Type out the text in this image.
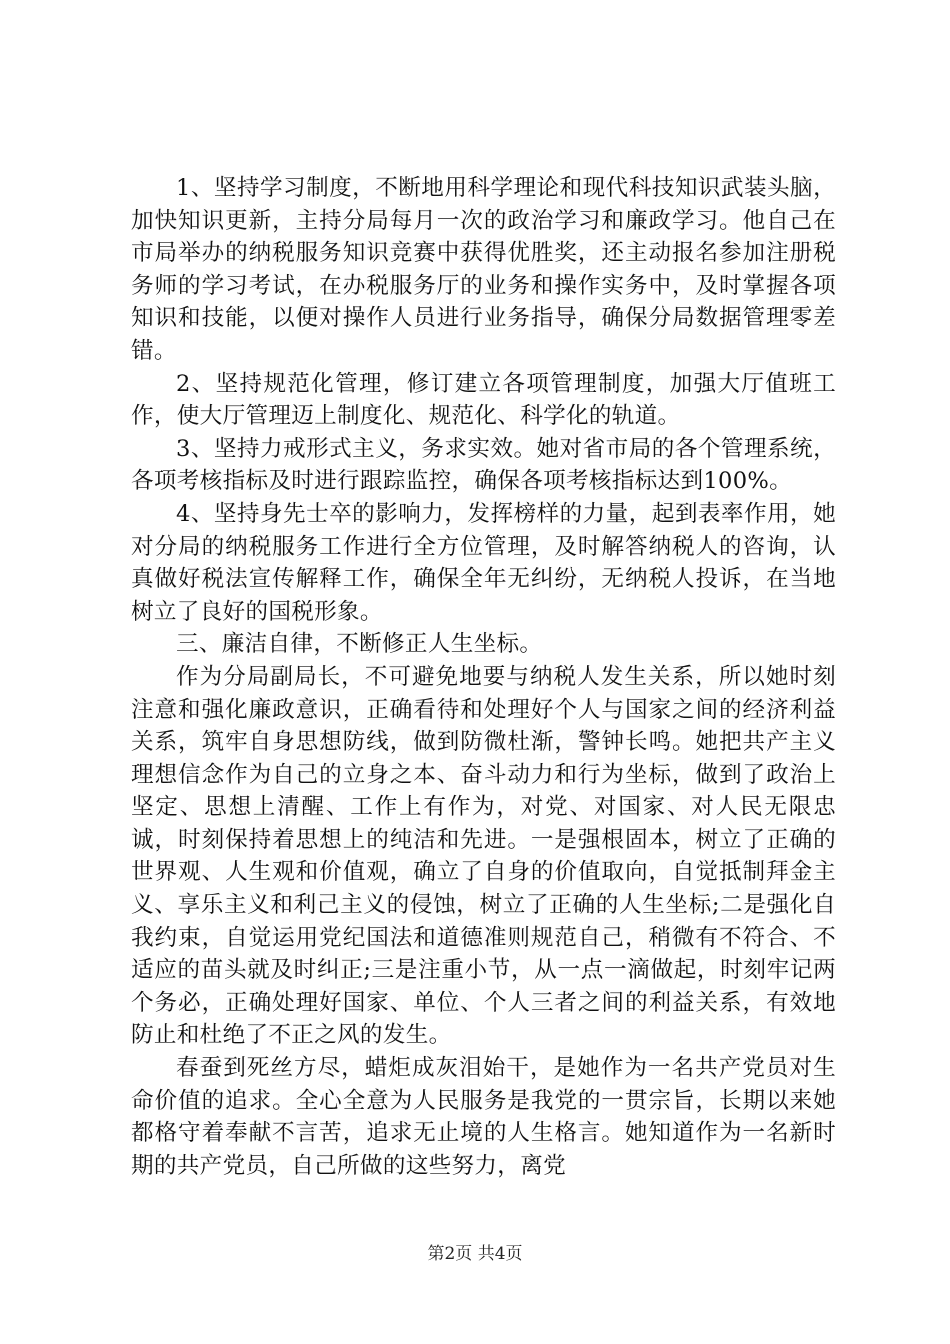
1、坚持学习制度，不断地用科学理论和现代科技知识武装头脑，加快知识更新，主持分局每月一次的政治学习和廉政学习。他自己在市局举办的纳税服务知识竞赛中获得优胜奖，还主动报名参加注册税务师的学习考试，在办税服务厅的业务和操作实务中，及时掌握各项知识和技能，以便对操作人员进行业务指导，确保分局数据管理零差错。

2、坚持规范化管理，修订建立各项管理制度，加强大厅值班工作，使大厅管理迈上制度化、规范化、科学化的轨道。

3、坚持力戒形式主义，务求实效。她对省市局的各个管理系统，各项考核指标及时进行跟踪监控，确保各项考核指标达到100%。

4、坚持身先士卒的影响力，发挥榜样的力量，起到表率作用，她对分局的纳税服务工作进行全方位管理，及时解答纳税人的咨询，认真做好税法宣传解释工作，确保全年无纠纷，无纳税人投诉，在当地树立了良好的国税形象。

三、廉洁自律，不断修正人生坐标。

作为分局副局长，不可避免地要与纳税人发生关系，所以她时刻注意和强化廉政意识，正确看待和处理好个人与国家之间的经济利益关系，筑牢自身思想防线，做到防微杜渐，警钟长鸣。她把共产主义理想信念作为自己的立身之本、奋斗动力和行为坐标，做到了政治上坚定、思想上清醒、工作上有作为，对党、对国家、对人民无限忠诚，时刻保持着思想上的纯洁和先进。一是强根固本，树立了正确的世界观、人生观和价值观，确立了自身的价值取向，自觉抵制拜金主义、享乐主义和利己主义的侵蚀，树立了正确的人生坐标;二是强化自我约束，自觉运用党纪国法和道德准则规范自己，稍微有不符合、不适应的苗头就及时纠正;三是注重小节，从一点一滴做起，时刻牢记两个务必，正确处理好国家、单位、个人三者之间的利益关系，有效地防止和杜绝了不正之风的发生。

春蚕到死丝方尽，蜡炬成灰泪始干，是她作为一名共产党员对生命价值的追求。全心全意为人民服务是我党的一贯宗旨，长期以来她都格守着奉献不言苦，追求无止境的人生格言。她知道作为一名新时期的共产党员，自己所做的这些努力，离党

第2页 共4页
